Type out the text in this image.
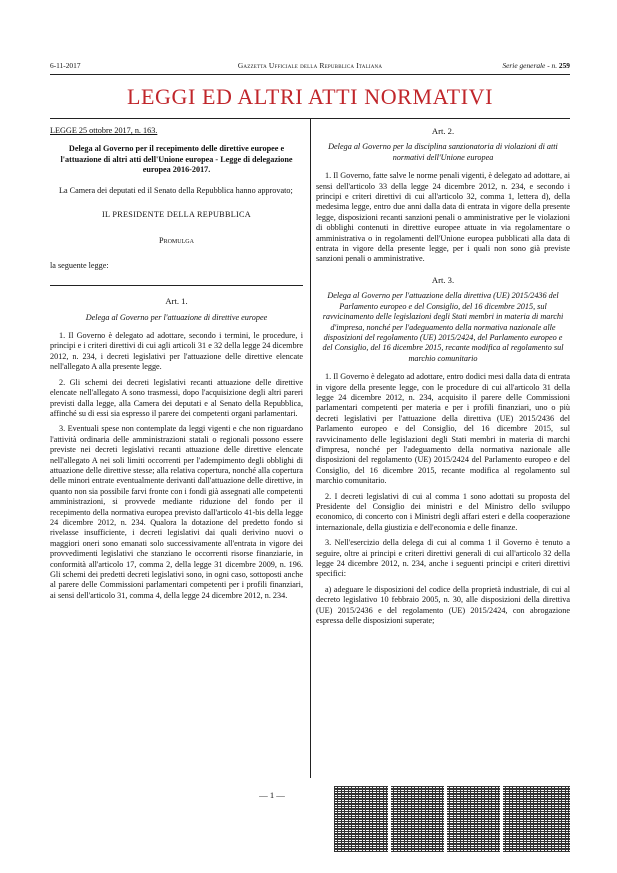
6-11-2017	Gazzetta Ufficiale della Repubblica Italiana	Serie generale - n. 259
LEGGI ED ALTRI ATTI NORMATIVI

LEGGE 25 ottobre 2017, n. 163.

Delega al Governo per il recepimento delle direttive europee e l'attuazione di altri atti dell'Unione europea - Legge di delegazione europea 2016-2017.

La Camera dei deputati ed il Senato della Repubblica hanno approvato;

IL PRESIDENTE DELLA REPUBBLICA

Promulga

la seguente legge:

Art. 1.

Delega al Governo per l'attuazione di direttive europee

1. Il Governo è delegato ad adottare, secondo i termini, le procedure, i principi e i criteri direttivi di cui agli articoli 31 e 32 della legge 24 dicembre 2012, n. 234, i decreti legislativi per l'attuazione delle direttive elencate nell'allegato A alla presente legge.

2. Gli schemi dei decreti legislativi recanti attuazione delle direttive elencate nell'allegato A sono trasmessi, dopo l'acquisizione degli altri pareri previsti dalla legge, alla Camera dei deputati e al Senato della Repubblica, affinché su di essi sia espresso il parere dei competenti organi parlamentari.

3. Eventuali spese non contemplate da leggi vigenti e che non riguardano l'attività ordinaria delle amministrazioni statali o regionali possono essere previste nei decreti legislativi recanti attuazione delle direttive elencate nell'allegato A nei soli limiti occorrenti per l'adempimento degli obblighi di attuazione delle direttive stesse; alla relativa copertura, nonché alla copertura delle minori entrate eventualmente derivanti dall'attuazione delle direttive, in quanto non sia possibile farvi fronte con i fondi già assegnati alle competenti amministrazioni, si provvede mediante riduzione del fondo per il recepimento della normativa europea previsto dall'articolo 41-bis della legge 24 dicembre 2012, n. 234. Qualora la dotazione del predetto fondo si rivelasse insufficiente, i decreti legislativi dai quali derivino nuovi o maggiori oneri sono emanati solo successivamente all'entrata in vigore dei provvedimenti legislativi che stanziano le occorrenti risorse finanziarie, in conformità all'articolo 17, comma 2, della legge 31 dicembre 2009, n. 196. Gli schemi dei predetti decreti legislativi sono, in ogni caso, sottoposti anche al parere delle Commissioni parlamentari competenti per i profili finanziari, ai sensi dell'articolo 31, comma 4, della legge 24 dicembre 2012, n. 234.

Art. 2.

Delega al Governo per la disciplina sanzionatoria di violazioni di atti normativi dell'Unione europea

1. Il Governo, fatte salve le norme penali vigenti, è delegato ad adottare, ai sensi dell'articolo 33 della legge 24 dicembre 2012, n. 234, e secondo i principi e criteri direttivi di cui all'articolo 32, comma 1, lettera d), della medesima legge, entro due anni dalla data di entrata in vigore della presente legge, disposizioni recanti sanzioni penali o amministrative per le violazioni di obblighi contenuti in direttive europee attuate in via regolamentare o amministrativa o in regolamenti dell'Unione europea pubblicati alla data di entrata in vigore della presente legge, per i quali non sono già previste sanzioni penali o amministrative.

Art. 3.

Delega al Governo per l'attuazione della direttiva (UE) 2015/2436 del Parlamento europeo e del Consiglio, del 16 dicembre 2015, sul ravvicinamento delle legislazioni degli Stati membri in materia di marchi d'impresa, nonché per l'adeguamento della normativa nazionale alle disposizioni del regolamento (UE) 2015/2424, del Parlamento europeo e del Consiglio, del 16 dicembre 2015, recante modifica al regolamento sul marchio comunitario

1. Il Governo è delegato ad adottare, entro dodici mesi dalla data di entrata in vigore della presente legge, con le procedure di cui all'articolo 31 della legge 24 dicembre 2012, n. 234, acquisito il parere delle Commissioni parlamentari competenti per materia e per i profili finanziari, uno o più decreti legislativi per l'attuazione della direttiva (UE) 2015/2436 del Parlamento europeo e del Consiglio, del 16 dicembre 2015, sul ravvicinamento delle legislazioni degli Stati membri in materia di marchi d'impresa, nonché per l'adeguamento della normativa nazionale alle disposizioni del regolamento (UE) 2015/2424 del Parlamento europeo e del Consiglio, del 16 dicembre 2015, recante modifica al regolamento sul marchio comunitario.

2. I decreti legislativi di cui al comma 1 sono adottati su proposta del Presidente del Consiglio dei ministri e del Ministro dello sviluppo economico, di concerto con i Ministri degli affari esteri e della cooperazione internazionale, della giustizia e dell'economia e delle finanze.

3. Nell'esercizio della delega di cui al comma 1 il Governo è tenuto a seguire, oltre ai principi e criteri direttivi generali di cui all'articolo 32 della legge 24 dicembre 2012, n. 234, anche i seguenti principi e criteri direttivi specifici:

a) adeguare le disposizioni del codice della proprietà industriale, di cui al decreto legislativo 10 febbraio 2005, n. 30, alle disposizioni della direttiva (UE) 2015/2436 e del regolamento (UE) 2015/2424, con abrogazione espressa delle disposizioni superate;

— 1 —
